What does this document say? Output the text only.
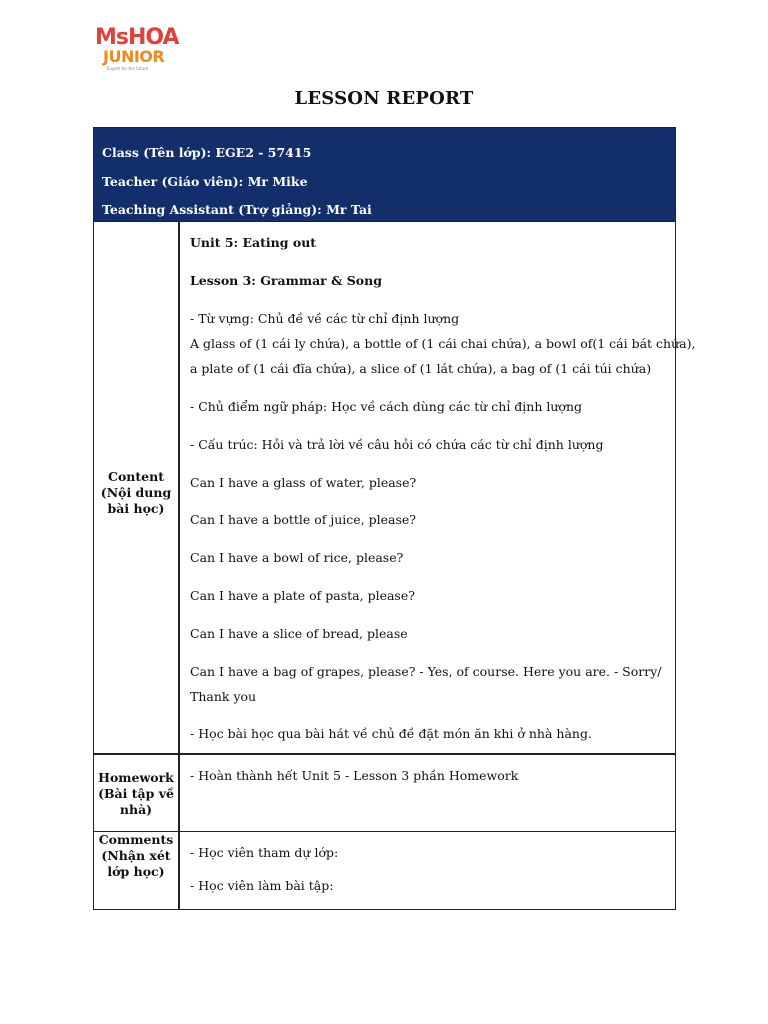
MsHOA
JUNIOR
Engish for the future
LESSON REPORT
Class (Tên lớp): EGE2 - 57415
Teacher (Giáo viên): Mr Mike
Teaching Assistant (Trợ giảng): Mr Tai
Content
(Nội dung
bài học)
Unit 5: Eating out
Lesson 3: Grammar & Song
- Từ vựng: Chủ đề về các từ chỉ định lượng
A glass of (1 cái ly chứa), a bottle of (1 cái chai chứa), a bowl of(1 cái bát chứa),
a plate of (1 cái đĩa chứa), a slice of (1 lát chứa), a bag of (1 cái túi chứa)
- Chủ điểm ngữ pháp: Học về cách dùng các từ chỉ định lượng
- Cấu trúc: Hỏi và trả lời về câu hỏi có chứa các từ chỉ định lượng
Can I have a glass of water, please?
Can I have a bottle of juice, please?
Can I have a bowl of rice, please?
Can I have a plate of pasta, please?
Can I have a slice of bread, please
Can I have a bag of grapes, please? - Yes, of course. Here you are. - Sorry/
Thank you
- Học bài học qua bài hát về chủ đề đặt món ăn khi ở nhà hàng.
Homework
(Bài tập về
nhà)
- Hoàn thành hết Unit 5 - Lesson 3 phần Homework
Comments
(Nhận xét
lớp học)
- Học viên tham dự lớp:
- Học viên làm bài tập:
